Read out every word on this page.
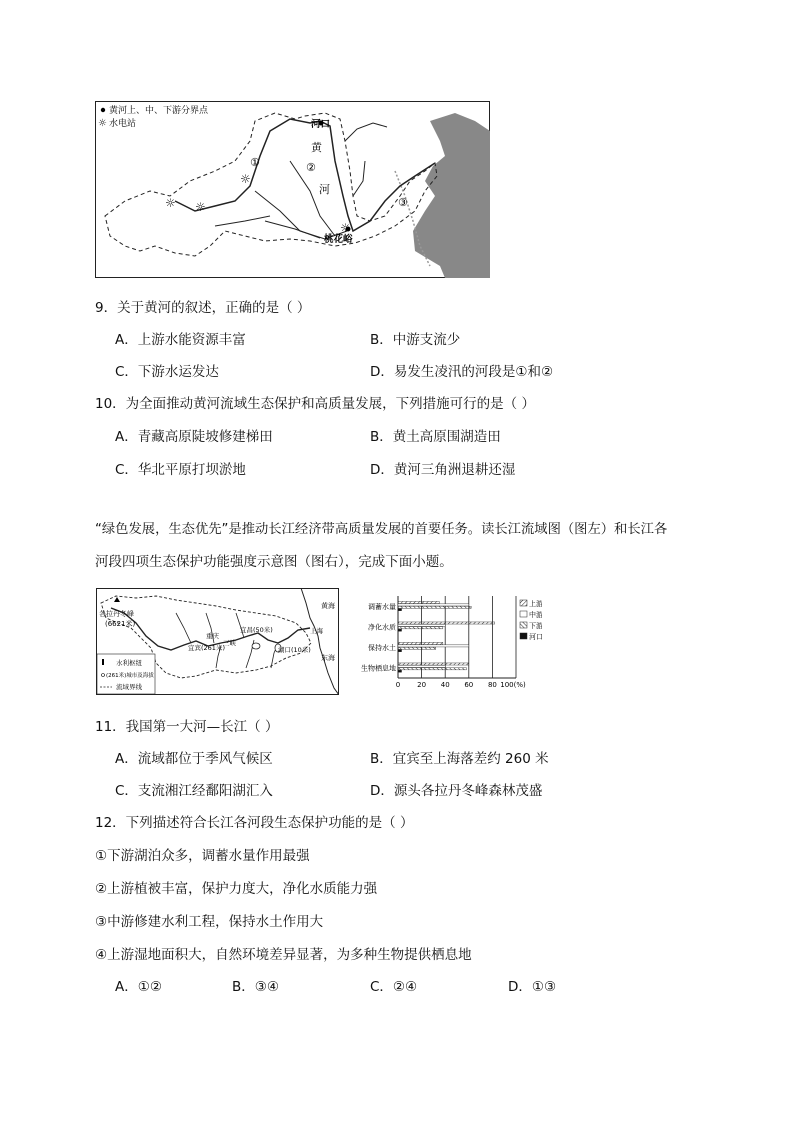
☼
☼
☼
☼
黄河上、中、下游分界点
☼ 水电站	河口
桃花峪
黄
河
①	②
③
9．关于黄河的叙述，正确的是（ ）
A．上游水能资源丰富	B．中游支流少
C．下游水运发达	D．易发生凌汛的河段是①和②
10．为全面推动黄河流域生态保护和高质量发展，下列措施可行的是（ ）
A．青藏高原陡坡修建梯田	B．黄土高原围湖造田
C．华北平原打坝淤地	D．黄河三角洲退耕还湿
“绿色发展，生态优先”是推动长江经济带高质量发展的首要任务。读长江流域图（图左）和长江各
河段四项生态保护功能强度示意图（图右），完成下面小题。
各拉丹冬峰
(6621米)
宜宾(261米)
重庆
三峡
宜昌(50米)
湖口(10米)
上海
黄海
东海
水利枢纽
(261米)城市及海拔
流域界线
调蓄水量
净化水质
保持水土
生物栖息地
0 20 40 60 80 100(%)
上游
中游
下游
河口
11．我国第一大河—长江（ ）
A．流域都位于季风气候区	B．宜宾至上海落差约 260 米
C．支流湘江经鄱阳湖汇入	D．源头各拉丹冬峰森林茂盛
12．下列描述符合长江各河段生态保护功能的是（ ）
①下游湖泊众多，调蓄水量作用最强
②上游植被丰富，保护力度大，净化水质能力强
③中游修建水利工程，保持水土作用大
④上游湿地面积大，自然环境差异显著，为多种生物提供栖息地
A．①②	B．③④	C．②④	D．①③
